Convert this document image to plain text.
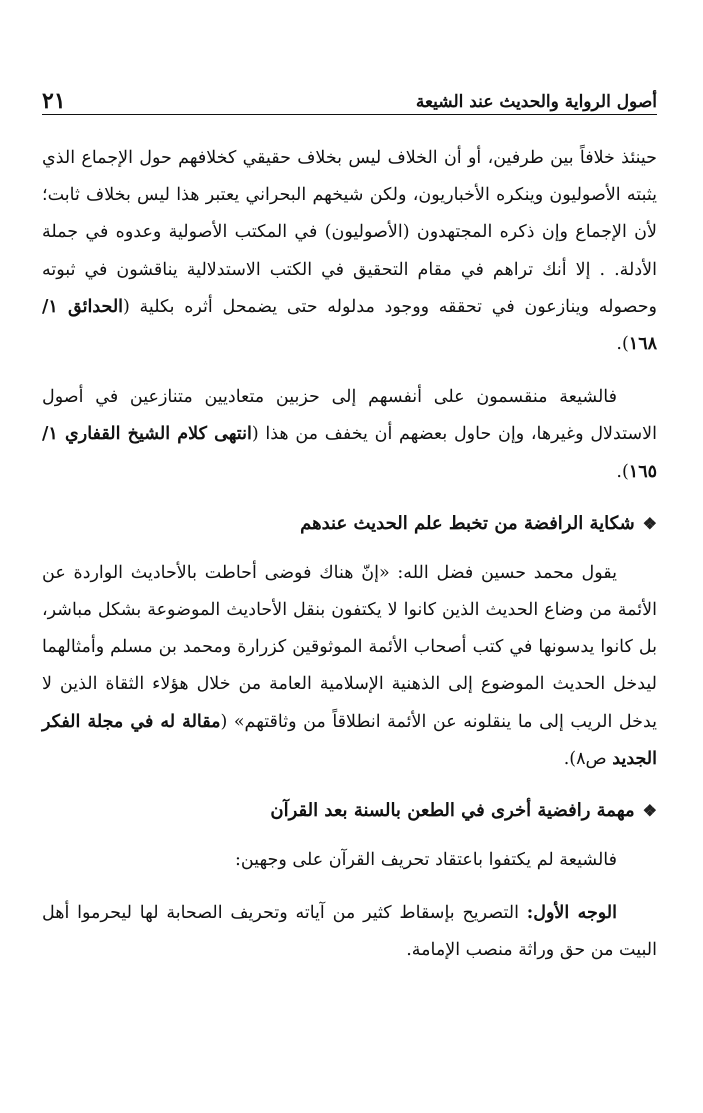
أصول الرواية والحديث عند الشيعة
٢١

حينئذ خلافاً بين طرفين، أو أن الخلاف ليس بخلاف حقيقي كخلافهم حول الإجماع الذي يثبته الأصوليون وينكره الأخباريون، ولكن شيخهم البحراني يعتبر هذا ليس بخلاف ثابت؛ لأن الإجماع وإن ذكره المجتهدون (الأصوليون) في المكتب الأصولية وعدوه في جملة الأدلة. . إلا أنك تراهم في مقام التحقيق في الكتب الاستدلالية يناقشون في ثبوته وحصوله وينازعون في تحققه ووجود مدلوله حتى يضمحل أثره بكلية (الحدائق ١/ ١٦٨).

فالشيعة منقسمون على أنفسهم إلى حزبين متعاديين متنازعين في أصول الاستدلال وغيرها، وإن حاول بعضهم أن يخفف من هذا (انتهى كلام الشيخ القفاري ١/ ١٦٥).

❖
شكاية الرافضة من تخبط علم الحديث عندهم

يقول محمد حسين فضل الله: «إنّ هناك فوضى أحاطت بالأحاديث الواردة عن الأئمة من وضاع الحديث الذين كانوا لا يكتفون بنقل الأحاديث الموضوعة بشكل مباشر، بل كانوا يدسونها في كتب أصحاب الأئمة الموثوقين كزرارة ومحمد بن مسلم وأمثالهما ليدخل الحديث الموضوع إلى الذهنية الإسلامية العامة من خلال هؤلاء الثقاة الذين لا يدخل الريب إلى ما ينقلونه عن الأئمة انطلاقاً من وثاقتهم» (مقالة له في مجلة الفكر الجديد ص٨).

❖
مهمة رافضية أخرى في الطعن بالسنة بعد القرآن

فالشيعة لم يكتفوا باعتقاد تحريف القرآن على وجهين:

الوجه الأول: التصريح بإسقاط كثير من آياته وتحريف الصحابة لها ليحرموا أهل البيت من حق وراثة منصب الإمامة.
